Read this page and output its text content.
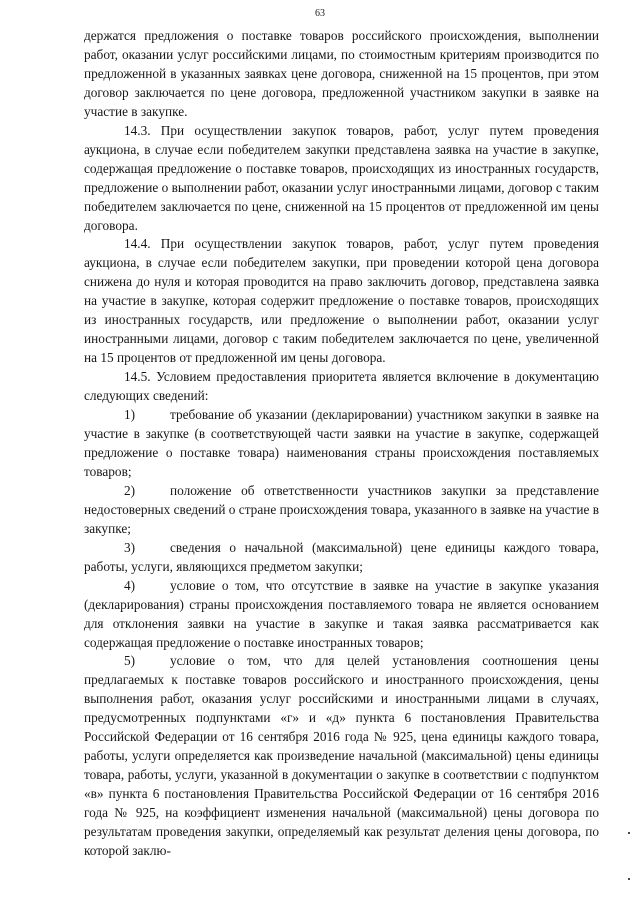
63

держатся предложения о поставке товаров российского происхождения, выполнении работ, оказании услуг российскими лицами, по стоимостным критериям производится по предложенной в указанных заявках цене договора, сниженной на 15 процентов, при этом договор заключается по цене договора, предложенной участником закупки в заявке на участие в закупке.

14.3. При осуществлении закупок товаров, работ, услуг путем проведения аукциона, в случае если победителем закупки представлена заявка на участие в закупке, содержащая предложение о поставке товаров, происходящих из иностранных государств, предложение о выполнении работ, оказании услуг иностранными лицами, договор с таким победителем заключается по цене, сниженной на 15 процентов от предложенной им цены договора.

14.4. При осуществлении закупок товаров, работ, услуг путем проведения аукциона, в случае если победителем закупки, при проведении которой цена договора снижена до нуля и которая проводится на право заключить договор, представлена заявка на участие в закупке, которая содержит предложение о поставке товаров, происходящих из иностранных государств, или предложение о выполнении работ, оказании услуг иностранными лицами, договор с таким победителем заключается по цене, увеличенной на 15 процентов от предложенной им цены договора.

14.5. Условием предоставления приоритета является включение в документацию следующих сведений:

1)	требование об указании (декларировании) участником закупки в заявке на участие в закупке (в соответствующей части заявки на участие в закупке, содержащей предложение о поставке товара) наименования страны происхождения поставляемых товаров;

2)	положение об ответственности участников закупки за представление недостоверных сведений о стране происхождения товара, указанного в заявке на участие в закупке;

3)	сведения о начальной (максимальной) цене единицы каждого товара, работы, услуги, являющихся предметом закупки;

4)	условие о том, что отсутствие в заявке на участие в закупке указания (декларирования) страны происхождения поставляемого товара не является основанием для отклонения заявки на участие в закупке и такая заявка рассматривается как содержащая предложение о поставке иностранных товаров;

5)	условие о том, что для целей установления соотношения цены предлагаемых к поставке товаров российского и иностранного происхождения, цены выполнения работ, оказания услуг российскими и иностранными лицами в случаях, предусмотренных подпунктами «г» и «д» пункта 6 постановления Правительства Российской Федерации от 16 сентября 2016 года № 925, цена единицы каждого товара, работы, услуги определяется как произведение начальной (максимальной) цены единицы товара, работы, услуги, указанной в документации о закупке в соответствии с подпунктом «в» пункта 6 постановления Правительства Российской Федерации от 16 сентября 2016 года № 925, на коэффициент изменения начальной (максимальной) цены договора по результатам проведения закупки, определяемый как результат деления цены договора, по которой заклю-
